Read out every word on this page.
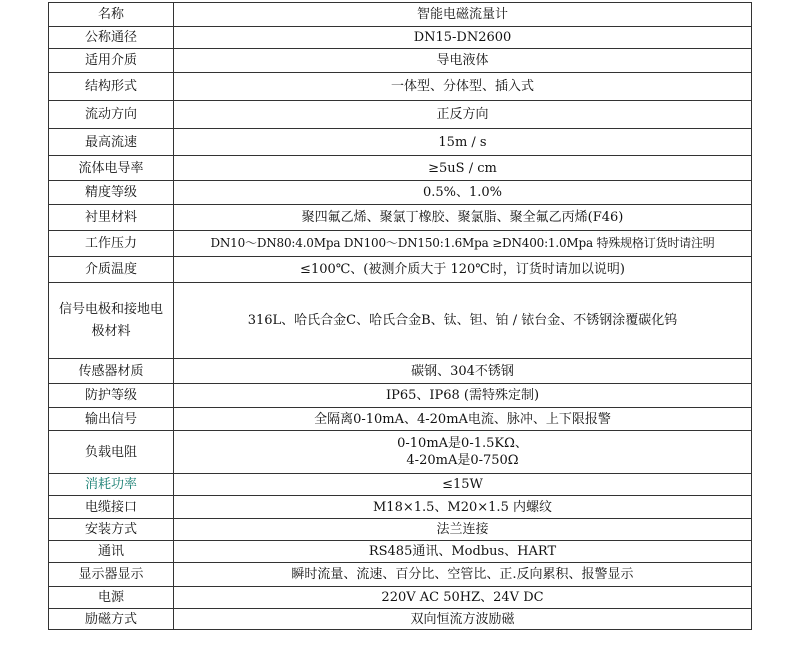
名称	智能电磁流量计
公称通径	DN15-DN2600
适用介质	导电液体
结构形式	一体型、分体型、插入式
流动方向	正反方向
最高流速	15m / s
流体电导率	≥5uS / cm
精度等级	0.5%、1.0%
衬里材料	聚四氟乙烯、聚氯丁橡胶、聚氯脂、聚全氟乙丙烯(F46)
工作压力	DN10～DN80:4.0Mpa DN100～DN150:1.6Mpa ≥DN400:1.0Mpa 特殊规格订货时请注明
介质温度	≤100℃、(被测介质大于 120℃时，订货时请加以说明)
信号电极和接地电极材料	316L、哈氏合金C、哈氏合金B、钛、钽、铂 / 铱台金、不锈钢涂覆碳化钨
传感器材质	碳钢、304不锈钢
防护等级	IP65、IP68 (需特殊定制)
输出信号	全隔离0-10mA、4-20mA电流、脉冲、上下限报警
负载电阻	0-10mA是0-1.5KΩ、
4-20mA是0-750Ω

消耗功率	≤15W
电缆接口	M18×1.5、M20×1.5 内螺纹
安装方式	法兰连接
通讯	RS485通讯、Modbus、HART
显示器显示	瞬时流量、流速、百分比、空管比、正.反向累积、报警显示
电源	220V AC 50HZ、24V DC
励磁方式	双向恒流方波励磁
